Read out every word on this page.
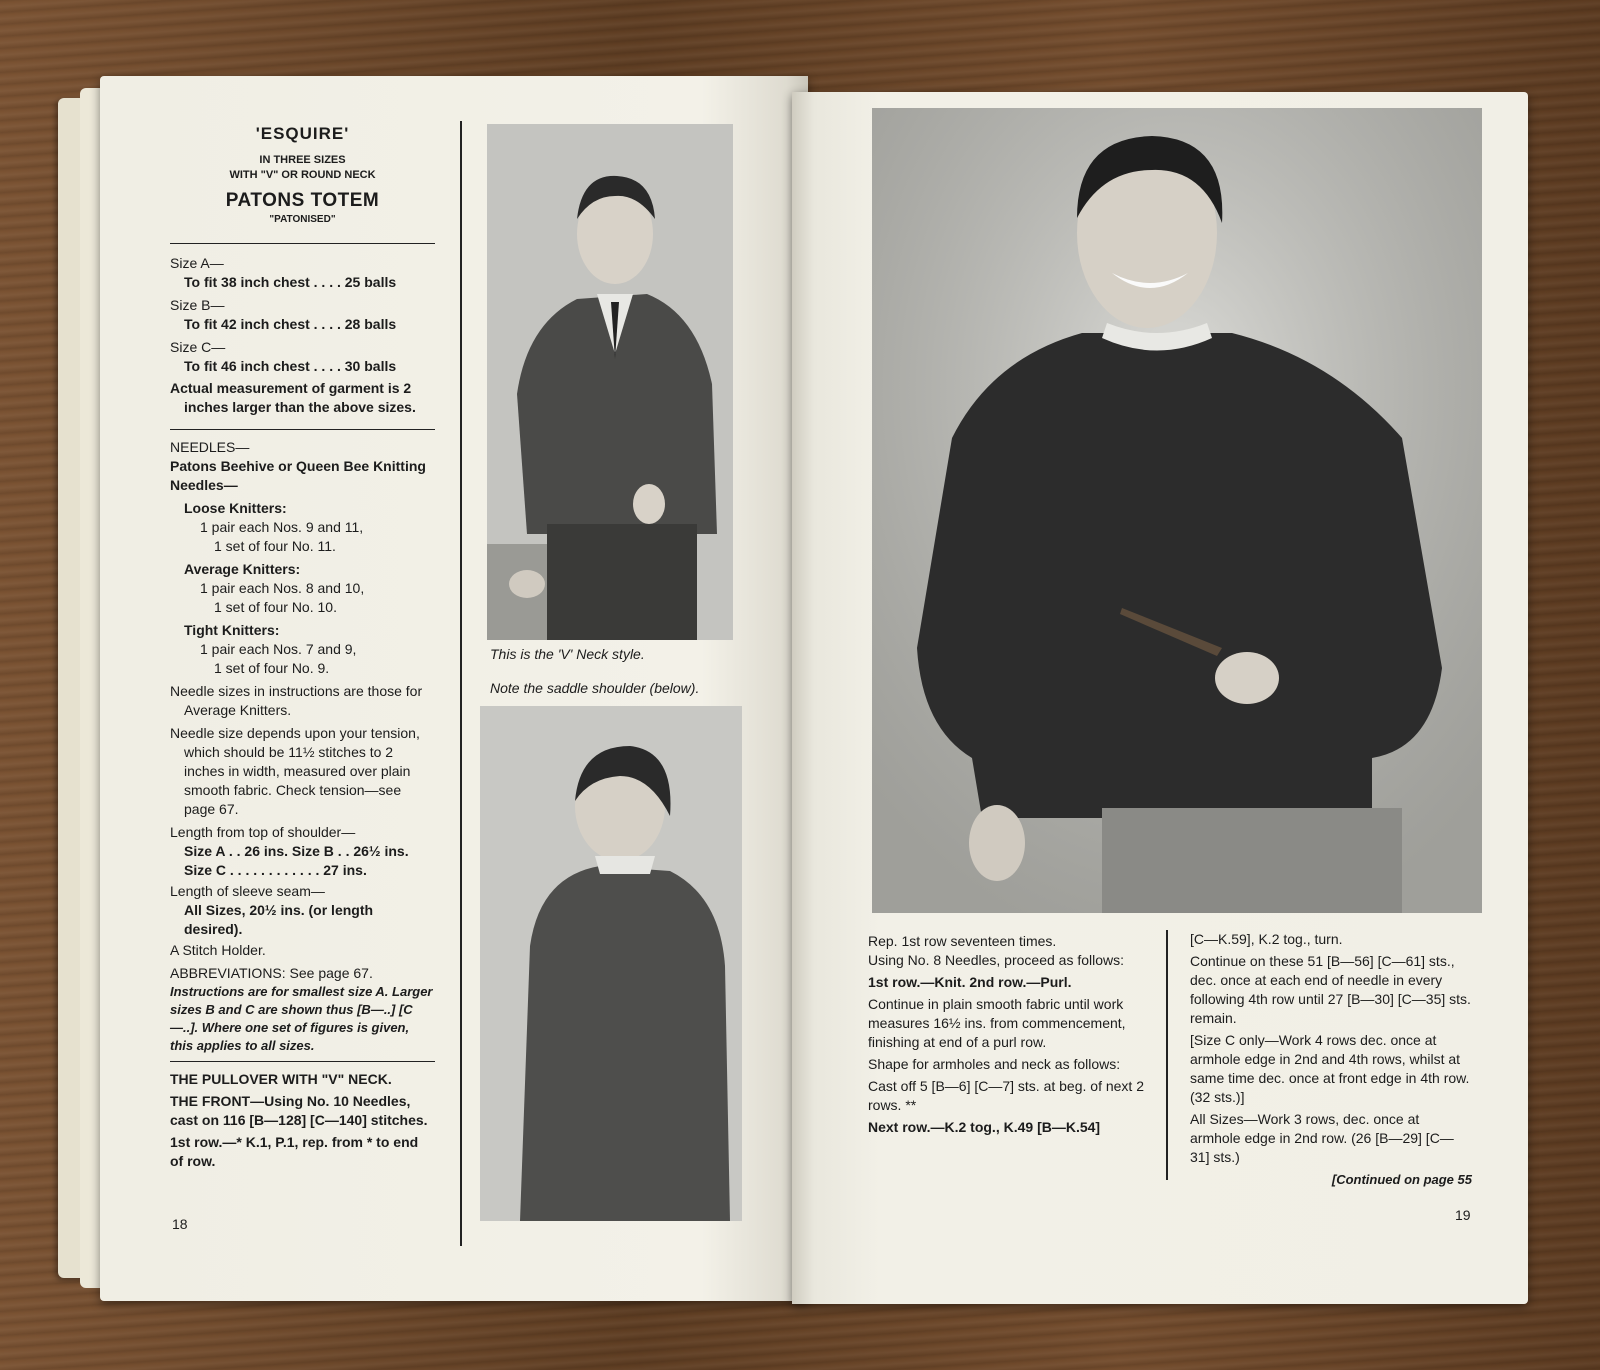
'ESQUIRE'
IN THREE SIZES
WITH "V" OR ROUND NECK
PATONS TOTEM
"PATONISED"
Size A—
To fit 38 inch chest . . . . 25 balls
Size B—
To fit 42 inch chest . . . . 28 balls
Size C—
To fit 46 inch chest . . . . 30 balls
Actual measurement of garment is 2 inches larger than the above sizes.
NEEDLES—
Patons Beehive or Queen Bee Knitting Needles—
Loose Knitters:
1 pair each Nos. 9 and 11,
1 set of four No. 11.
Average Knitters:
1 pair each Nos. 8 and 10,
1 set of four No. 10.
Tight Knitters:
1 pair each Nos. 7 and 9,
1 set of four No. 9.
Needle sizes in instructions are those for Average Knitters.
Needle size depends upon your tension, which should be 11½ stitches to 2 inches in width, measured over plain smooth fabric. Check tension—see page 67.
Length from top of shoulder—
Size A . . 26 ins. Size B . . 26½ ins.
Size C . . . . . . . . . . . . 27 ins.
Length of sleeve seam—
All Sizes, 20½ ins. (or length desired).
A Stitch Holder.
ABBREVIATIONS: See page 67.
Instructions are for smallest size A. Larger sizes B and C are shown thus [B—..] [C—..]. Where one set of figures is given, this applies to all sizes.
THE PULLOVER WITH "V" NECK.
THE FRONT—Using No. 10 Needles, cast on 116 [B—128] [C—140] stitches.
1st row.—* K.1, P.1, rep. from * to end of row.
18
This is the 'V' Neck style.
Note the saddle shoulder (below).
Rep. 1st row seventeen times.
Using No. 8 Needles, proceed as follows:
1st row.—Knit. 2nd row.—Purl.
Continue in plain smooth fabric until work measures 16½ ins. from commencement, finishing at end of a purl row.
Shape for armholes and neck as follows:
Cast off 5 [B—6] [C—7] sts. at beg. of next 2 rows. **
Next row.—K.2 tog., K.49 [B—K.54]
[C—K.59], K.2 tog., turn.
Continue on these 51 [B—56] [C—61] sts., dec. once at each end of needle in every following 4th row until 27 [B—30] [C—35] sts. remain.
[Size C only—Work 4 rows dec. once at armhole edge in 2nd and 4th rows, whilst at same time dec. once at front edge in 4th row. (32 sts.)]
All Sizes—Work 3 rows, dec. once at armhole edge in 2nd row. (26 [B—29] [C—31] sts.)
[Continued on page 55
19
